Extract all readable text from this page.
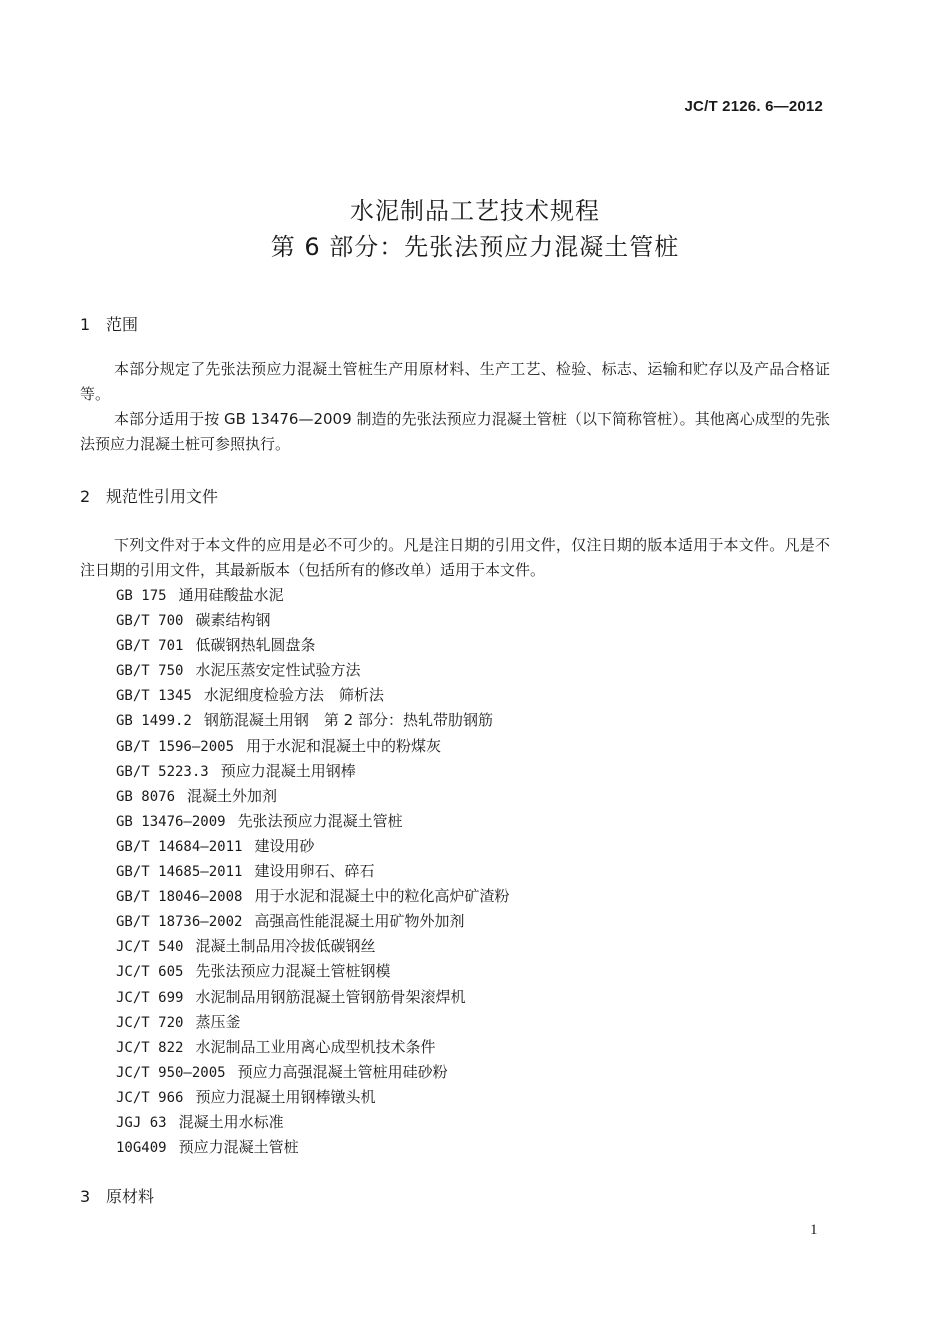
JC/T 2126. 6—2012
水泥制品工艺技术规程
第 6 部分：先张法预应力混凝土管桩
1 范围
本部分规定了先张法预应力混凝土管桩生产用原材料、生产工艺、检验、标志、运输和贮存以及产品合格证等。
本部分适用于按 GB 13476—2009 制造的先张法预应力混凝土管桩（以下简称管桩）。其他离心成型的先张法预应力混凝土桩可参照执行。
2 规范性引用文件
下列文件对于本文件的应用是必不可少的。凡是注日期的引用文件，仅注日期的版本适用于本文件。凡是不注日期的引用文件，其最新版本（包括所有的修改单）适用于本文件。
GB 175 通用硅酸盐水泥
GB/T 700 碳素结构钢
GB/T 701 低碳钢热轧圆盘条
GB/T 750 水泥压蒸安定性试验方法
GB/T 1345 水泥细度检验方法　筛析法
GB 1499.2 钢筋混凝土用钢　第 2 部分：热轧带肋钢筋
GB/T 1596—2005 用于水泥和混凝土中的粉煤灰
GB/T 5223.3 预应力混凝土用钢棒
GB 8076 混凝土外加剂
GB 13476—2009 先张法预应力混凝土管桩
GB/T 14684—2011 建设用砂
GB/T 14685—2011 建设用卵石、碎石
GB/T 18046—2008 用于水泥和混凝土中的粒化高炉矿渣粉
GB/T 18736—2002 高强高性能混凝土用矿物外加剂
JC/T 540 混凝土制品用冷拔低碳钢丝
JC/T 605 先张法预应力混凝土管桩钢模
JC/T 699 水泥制品用钢筋混凝土管钢筋骨架滚焊机
JC/T 720 蒸压釜
JC/T 822 水泥制品工业用离心成型机技术条件
JC/T 950—2005 预应力高强混凝土管桩用硅砂粉
JC/T 966 预应力混凝土用钢棒镦头机
JGJ 63 混凝土用水标准
10G409 预应力混凝土管桩
3 原材料
1
